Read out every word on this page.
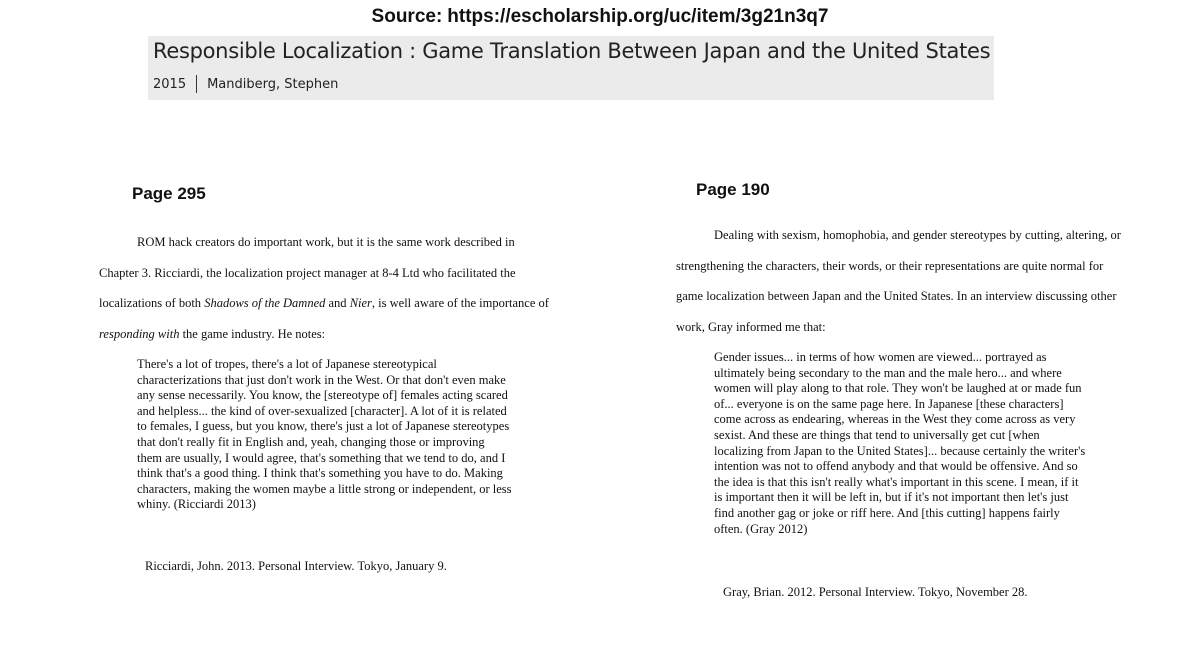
Source: https://escholarship.org/uc/item/3g21n3q7
Responsible Localization : Game Translation Between Japan and the United States
2015 Mandiberg, Stephen
Page 295
ROM hack creators do important work, but it is the same work described in
Chapter 3. Ricciardi, the localization project manager at 8-4 Ltd who facilitated the
localizations of both Shadows of the Damned and Nier, is well aware of the importance of
responding with the game industry. He notes:
There's a lot of tropes, there's a lot of Japanese stereotypical
characterizations that just don't work in the West. Or that don't even make
any sense necessarily. You know, the [stereotype of] females acting scared
and helpless... the kind of over-sexualized [character]. A lot of it is related
to females, I guess, but you know, there's just a lot of Japanese stereotypes
that don't really fit in English and, yeah, changing those or improving
them are usually, I would agree, that's something that we tend to do, and I
think that's a good thing. I think that's something you have to do. Making
characters, making the women maybe a little strong or independent, or less
whiny. (Ricciardi 2013)
Ricciardi, John. 2013. Personal Interview. Tokyo, January 9.
Page 190
Dealing with sexism, homophobia, and gender stereotypes by cutting, altering, or
strengthening the characters, their words, or their representations are quite normal for
game localization between Japan and the United States. In an interview discussing other
work, Gray informed me that:
Gender issues... in terms of how women are viewed... portrayed as
ultimately being secondary to the man and the male hero... and where
women will play along to that role. They won't be laughed at or made fun
of... everyone is on the same page here. In Japanese [these characters]
come across as endearing, whereas in the West they come across as very
sexist. And these are things that tend to universally get cut [when
localizing from Japan to the United States]... because certainly the writer's
intention was not to offend anybody and that would be offensive. And so
the idea is that this isn't really what's important in this scene. I mean, if it
is important then it will be left in, but if it's not important then let's just
find another gag or joke or riff here. And [this cutting] happens fairly
often. (Gray 2012)
Gray, Brian. 2012. Personal Interview. Tokyo, November 28.
